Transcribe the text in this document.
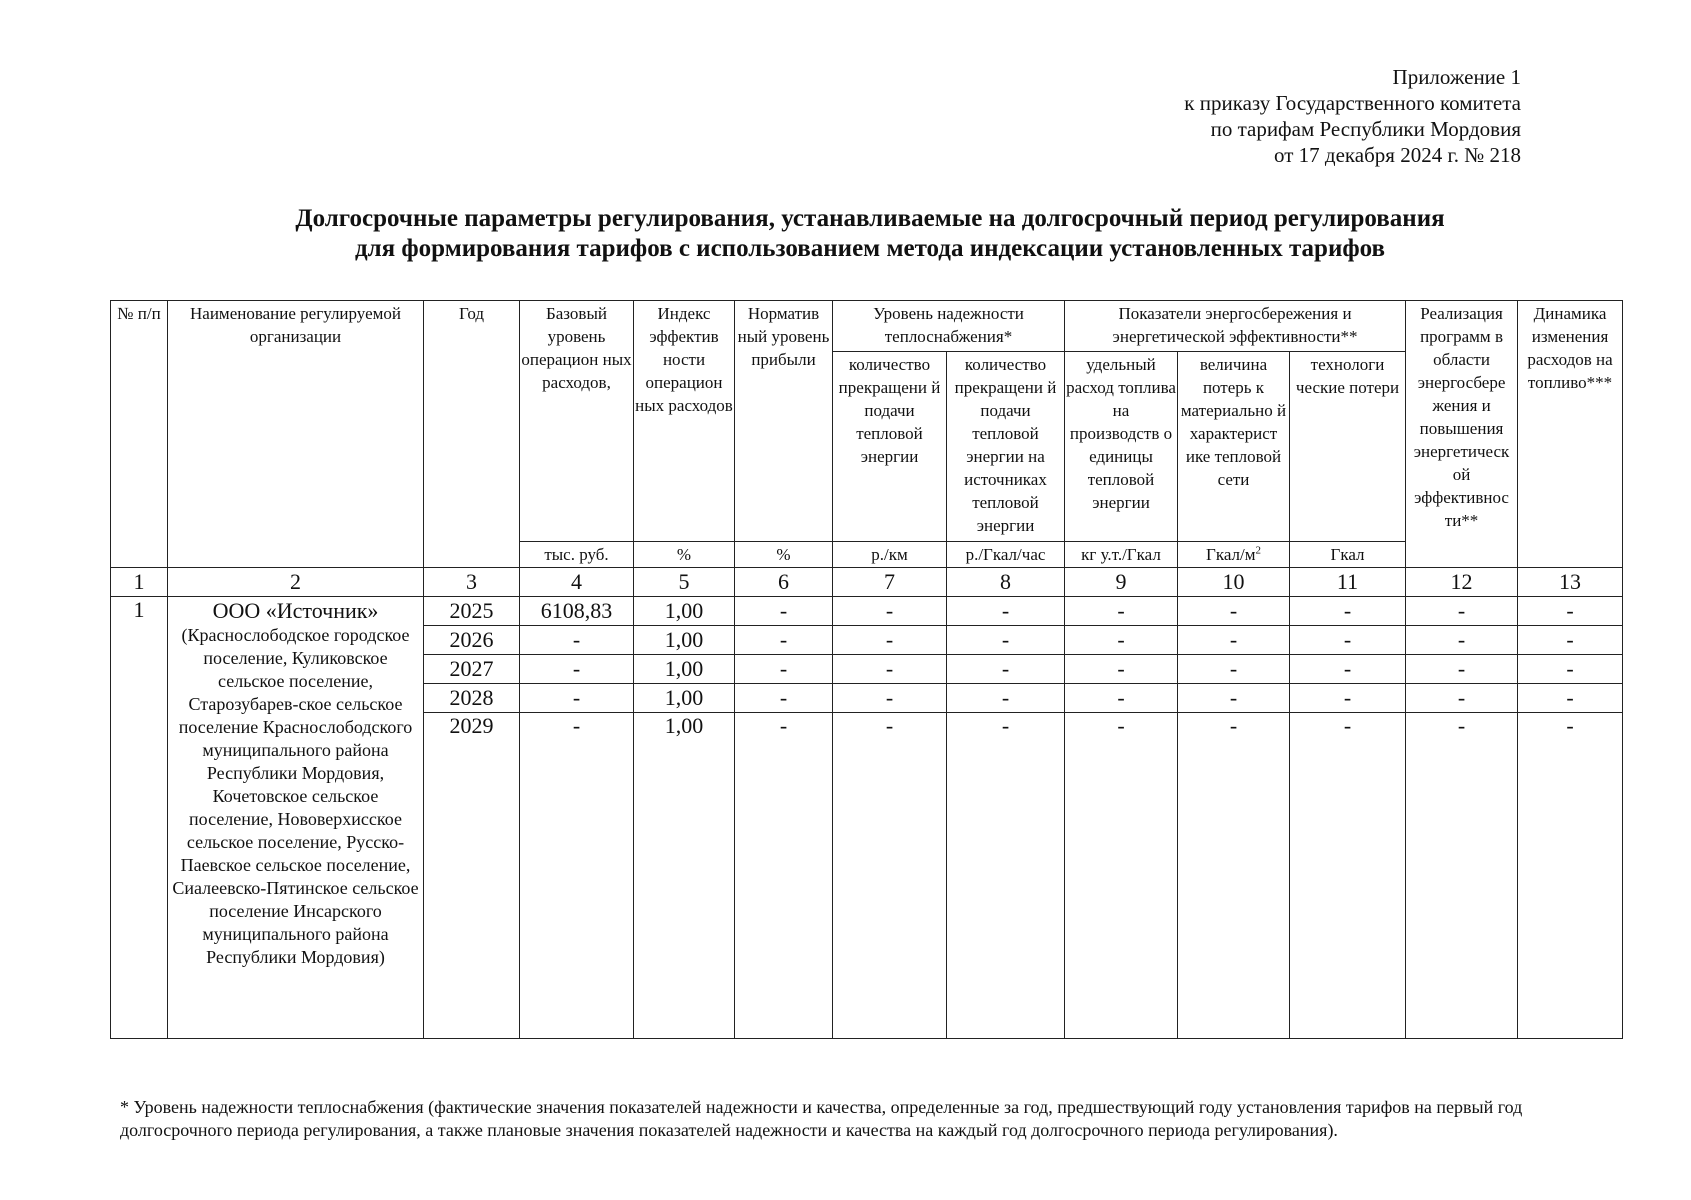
Приложение 1
к приказу Государственного комитета
по тарифам Республики Мордовия
от 17 декабря 2024 г. № 218
Долгосрочные параметры регулирования, устанавливаемые на долгосрочный период регулирования
для формирования тарифов с использованием метода индексации установленных тарифов
№ п/п	Наименование регулируемой организации	Год	Базовый уровень операцион ных расходов,	Индекс эффектив ности операцион ных расходов	Норматив ный уровень прибыли	Уровень надежности теплоснабжения*		Показатели энергосбережения и энергетической эффективности**			Реализация программ в области энергосбере жения и повышения энергетическ ой эффективнос ти**	Динамика изменения расходов на топливо***
						количество прекращени й подачи тепловой энергии	количество прекращени й подачи тепловой энергии на источниках тепловой энергии	удельный расход топлива на производств о единицы тепловой энергии	величина потерь к материально й характерист ике тепловой сети	технологи ческие потери		
			тыс. руб.	%	%	р./км	р./Гкал/час	кг у.т./Гкал	Гкал/$м^2$	Гкал		
1	2	3	4	5	6	7	8	9	10	11	12	13
1	ООО «Источник»
(Краснослободское городское поселение, Куликовское сельское поселение, Старозубарев-ское сельское поселение Краснослободского муниципального района Республики Мордовия, Кочетовское сельское поселение, Нововерхисское сельское поселение, Русско-Паевское сельское поселение, Сиалеевско-Пятинское сельское поселение Инсарского муниципального района Республики Мордовия)	2025	6108,83	1,00	-	-	-	-	-	-	-	-
		2026	-	1,00	-	-	-	-	-	-	-	-
		2027	-	1,00	-	-	-	-	-	-	-	-
		2028	-	1,00	-	-	-	-	-	-	-	-
		2029	-	1,00	-	-	-	-	-	-	-	-
* Уровень надежности теплоснабжения (фактические значения показателей надежности и качества, определенные за год, предшествующий году установления тарифов на первый год долгосрочного периода регулирования, а также плановые значения показателей надежности и качества на каждый год долгосрочного периода регулирования).
